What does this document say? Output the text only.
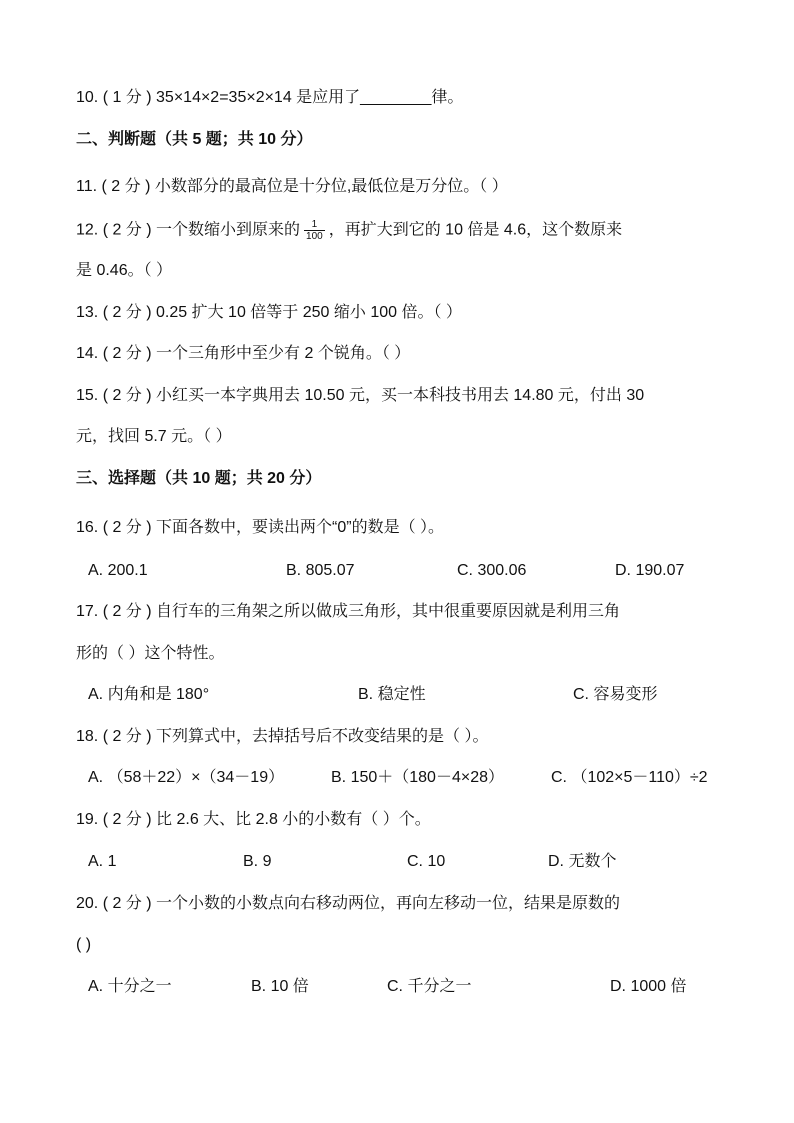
10. ( 1 分 ) 35×14×2=35×2×14 是应用了________律。
二、判断题（共 5 题；共 10 分）
11. ( 2 分 ) 小数部分的最高位是十分位,最低位是万分位。（ ）
12. ( 2 分 ) 一个数缩小到原来的 $\frac{1}{100}$ ，再扩大到它的 10 倍是 4.6，这个数原来
是 0.46。（ ）
13. ( 2 分 ) 0.25 扩大 10 倍等于 250 缩小 100 倍。（ ）
14. ( 2 分 ) 一个三角形中至少有 2 个锐角。（ ）
15. ( 2 分 ) 小红买一本字典用去 10.50 元，买一本科技书用去 14.80 元，付出 30
元，找回 5.7 元。（ ）
三、选择题（共 10 题；共 20 分）
16. ( 2 分 ) 下面各数中，要读出两个“0”的数是（ ）。
A. 200.1	B. 805.07	C. 300.06	D. 190.07
17. ( 2 分 ) 自行车的三角架之所以做成三角形，其中很重要原因就是利用三角
形的（ ）这个特性。
A. 内角和是 180°	B. 稳定性	C. 容易变形
18. ( 2 分 ) 下列算式中，去掉括号后不改变结果的是（ ）。
A. （58＋22）×（34－19）	B. 150＋（180－4×28）	C. （102×5－110）÷2
19. ( 2 分 ) 比 2.6 大、比 2.8 小的小数有（ ）个。
A. 1	B. 9	C. 10	D. 无数个
20. ( 2 分 ) 一个小数的小数点向右移动两位，再向左移动一位，结果是原数的
( )
A. 十分之一	B. 10 倍	C. 千分之一	D. 1000 倍
